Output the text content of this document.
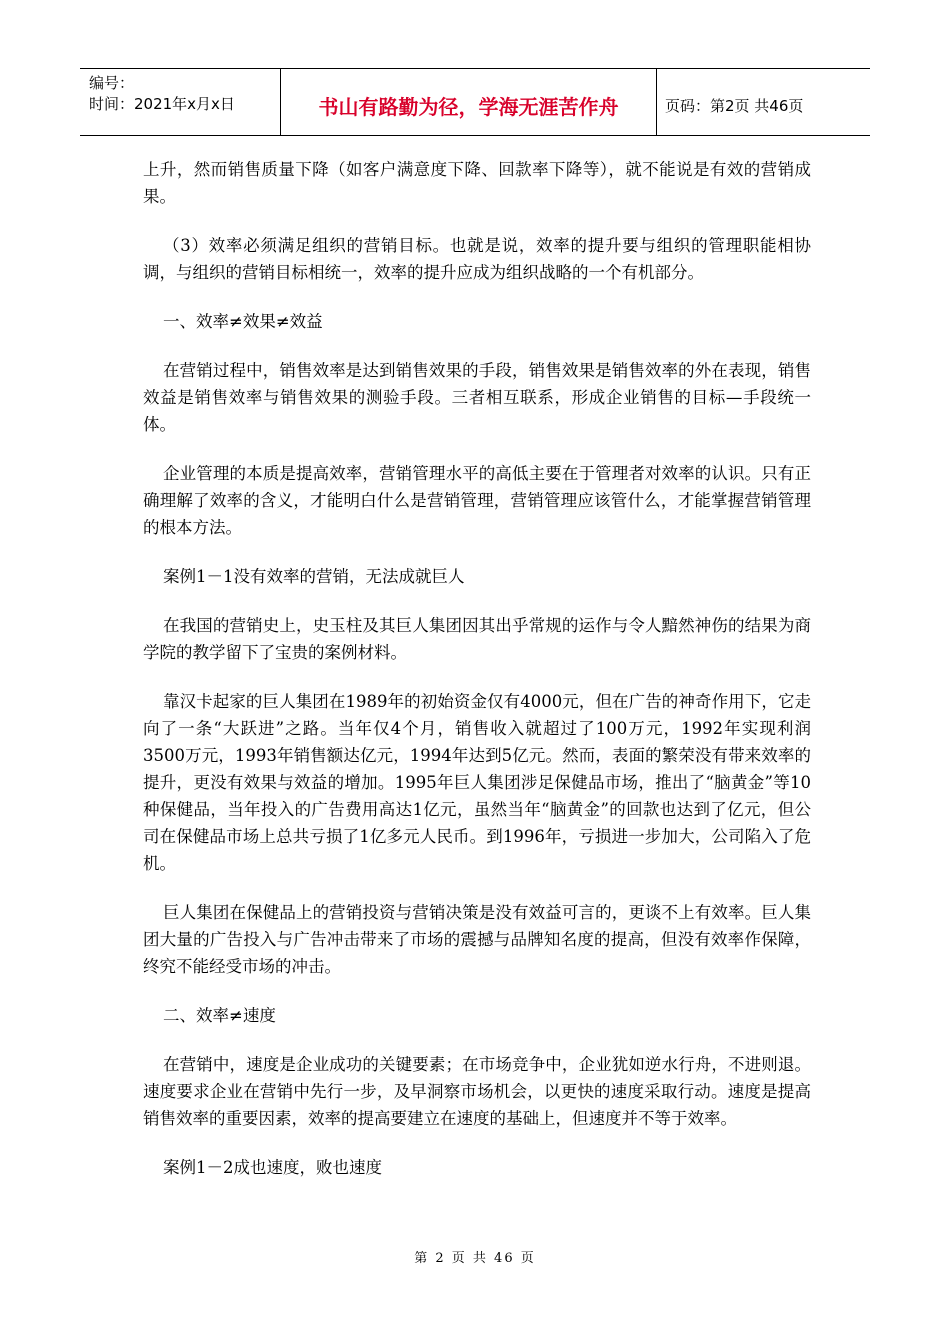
编号：
时间：2021年x月x日	书山有路勤为径，学海无涯苦作舟	页码：第2页 共46页

上升，然而销售质量下降（如客户满意度下降、回款率下降等），就不能说是有效的营销成果。

（3）效率必须满足组织的营销目标。也就是说，效率的提升要与组织的管理职能相协调，与组织的营销目标相统一，效率的提升应成为组织战略的一个有机部分。

一、效率≠效果≠效益

在营销过程中，销售效率是达到销售效果的手段，销售效果是销售效率的外在表现，销售效益是销售效率与销售效果的测验手段。三者相互联系，形成企业销售的目标—手段统一体。

企业管理的本质是提高效率，营销管理水平的高低主要在于管理者对效率的认识。只有正确理解了效率的含义，才能明白什么是营销管理，营销管理应该管什么，才能掌握营销管理的根本方法。

案例1－1没有效率的营销，无法成就巨人

在我国的营销史上，史玉柱及其巨人集团因其出乎常规的运作与令人黯然神伤的结果为商学院的教学留下了宝贵的案例材料。

靠汉卡起家的巨人集团在1989年的初始资金仅有4000元，但在广告的神奇作用下，它走向了一条“大跃进”之路。当年仅4个月，销售收入就超过了100万元，1992年实现利润3500万元，1993年销售额达亿元，1994年达到5亿元。然而，表面的繁荣没有带来效率的提升，更没有效果与效益的增加。1995年巨人集团涉足保健品市场，推出了“脑黄金”等10种保健品，当年投入的广告费用高达1亿元，虽然当年“脑黄金”的回款也达到了亿元，但公司在保健品市场上总共亏损了1亿多元人民币。到1996年，亏损进一步加大，公司陷入了危机。

巨人集团在保健品上的营销投资与营销决策是没有效益可言的，更谈不上有效率。巨人集团大量的广告投入与广告冲击带来了市场的震撼与品牌知名度的提高，但没有效率作保障，终究不能经受市场的冲击。

二、效率≠速度

在营销中，速度是企业成功的关键要素；在市场竞争中，企业犹如逆水行舟，不进则退。速度要求企业在营销中先行一步，及早洞察市场机会，以更快的速度采取行动。速度是提高销售效率的重要因素，效率的提高要建立在速度的基础上，但速度并不等于效率。

案例1－2成也速度，败也速度

第 2 页 共 46 页
